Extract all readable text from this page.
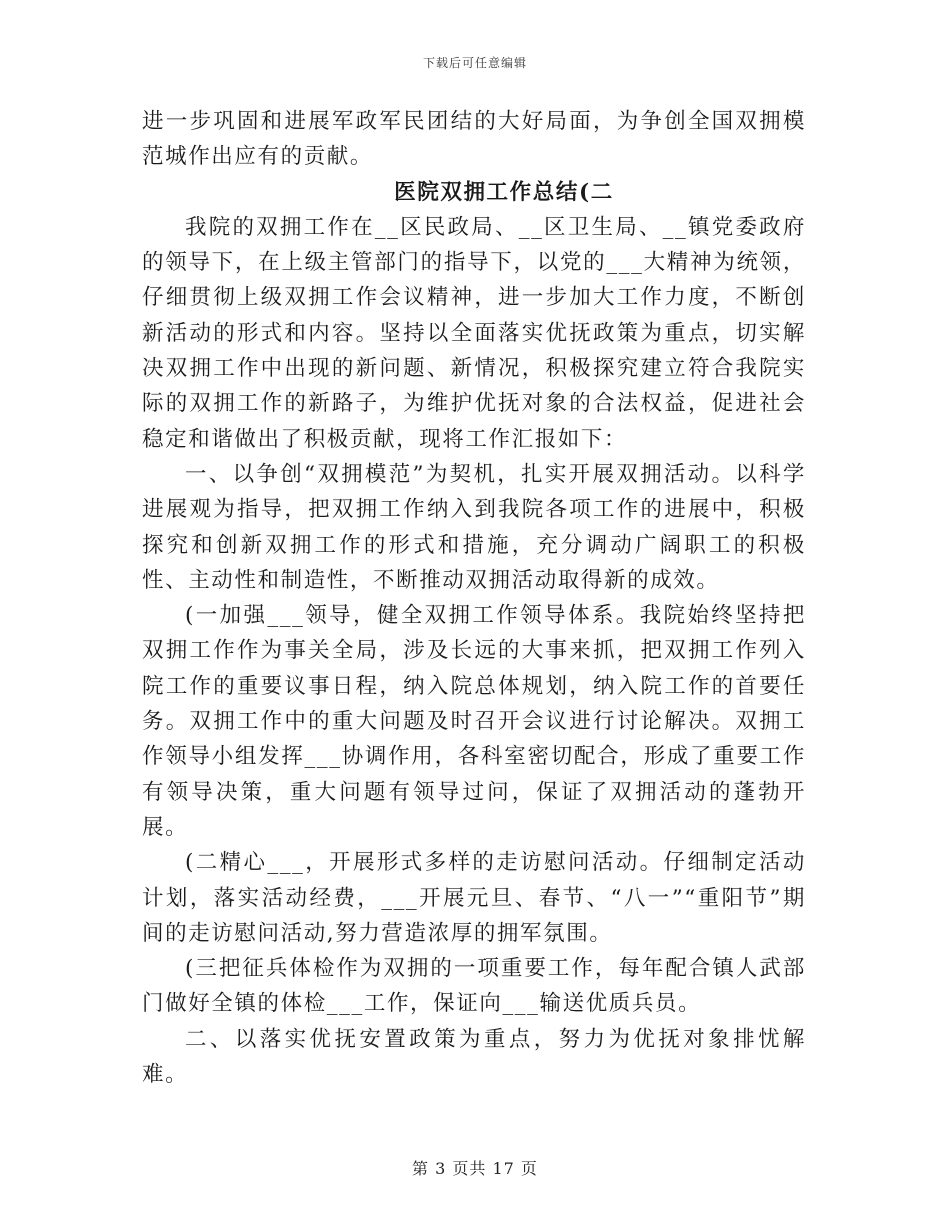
下载后可任意编辑

进一步巩固和进展军政军民团结的大好局面，为争创全国双拥模范城作出应有的贡献。

医院双拥工作总结(二

我院的双拥工作在__区民政局、__区卫生局、__镇党委政府的领导下，在上级主管部门的指导下，以党的___大精神为统领，仔细贯彻上级双拥工作会议精神，进一步加大工作力度，不断创新活动的形式和内容。坚持以全面落实优抚政策为重点，切实解决双拥工作中出现的新问题、新情况，积极探究建立符合我院实际的双拥工作的新路子，为维护优抚对象的合法权益，促进社会稳定和谐做出了积极贡献，现将工作汇报如下：

一、以争创“双拥模范”为契机，扎实开展双拥活动。以科学进展观为指导，把双拥工作纳入到我院各项工作的进展中，积极探究和创新双拥工作的形式和措施，充分调动广阔职工的积极性、主动性和制造性，不断推动双拥活动取得新的成效。

(一加强___领导，健全双拥工作领导体系。我院始终坚持把双拥工作作为事关全局，涉及长远的大事来抓，把双拥工作列入院工作的重要议事日程，纳入院总体规划，纳入院工作的首要任务。双拥工作中的重大问题及时召开会议进行讨论解决。双拥工作领导小组发挥___协调作用，各科室密切配合，形成了重要工作有领导决策，重大问题有领导过问，保证了双拥活动的蓬勃开展。

(二精心___，开展形式多样的走访慰问活动。仔细制定活动计划，落实活动经费，___开展元旦、春节、“八一”“重阳节”期间的走访慰问活动,努力营造浓厚的拥军氛围。

(三把征兵体检作为双拥的一项重要工作，每年配合镇人武部门做好全镇的体检___工作，保证向___输送优质兵员。

二、以落实优抚安置政策为重点，努力为优抚对象排忧解难。

第 3 页共 17 页
